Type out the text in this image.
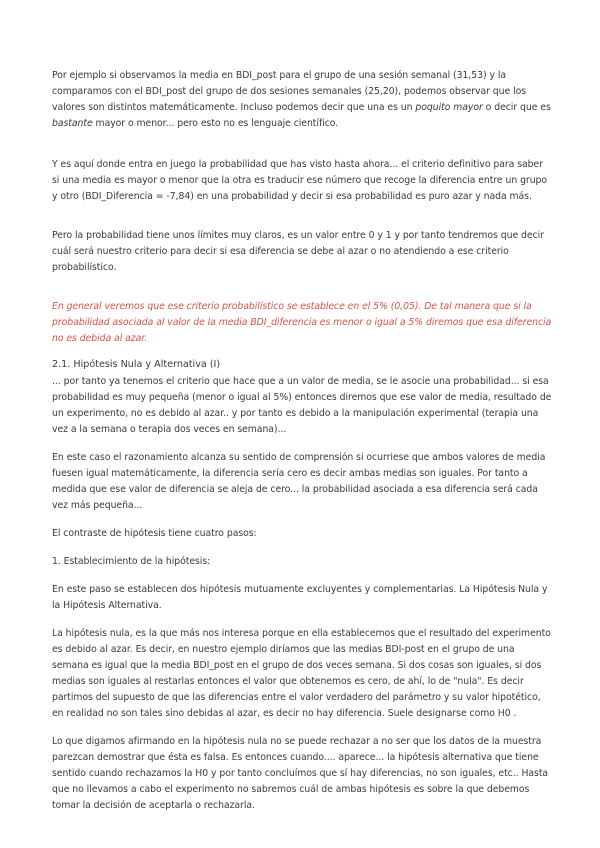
Por ejemplo si observamos la media en BDI_post para el grupo de una sesión semanal (31,53) y la comparamos con el BDI_post del grupo de dos sesiones semanales (25,20), podemos observar que los valores son distintos matemáticamente. Incluso podemos decir que una es un poquito mayor o decir que es bastante mayor o menor... pero esto no es lenguaje científico.

Y es aquí donde entra en juego la probabilidad que has visto hasta ahora... el criterio definitivo para saber si una media es mayor o menor que la otra es traducir ese número que recoge la diferencia entre un grupo y otro (BDI_Diferencia = -7,84) en una probabilidad y decir si esa probabilidad es puro azar y nada más.

Pero la probabilidad tiene unos límites muy claros, es un valor entre 0 y 1 y por tanto tendremos que decir cuál será nuestro criterio para decir si esa diferencia se debe al azar o no atendiendo a ese criterio probabilístico.

En general veremos que ese criterio probabilístico se establece en el 5% (0,05). De tal manera que si la probabilidad asociada al valor de la media BDI_diferencia es menor o igual a 5% diremos que esa diferencia no es debida al azar.

2.1. Hipótesis Nula y Alternativa (I)

... por tanto ya tenemos el criterio que hace que a un valor de media, se le asocie una probabilidad... si esa probabilidad es muy pequeña (menor o igual al 5%) entonces diremos que ese valor de media, resultado de un experimento, no es debido al azar.. y por tanto es debido a la manipulación experimental (terapia una vez a la semana o terapia dos veces en semana)...

En este caso el razonamiento alcanza su sentido de comprensión si ocurriese que ambos valores de media fuesen igual matemáticamente, la diferencia sería cero es decir ambas medias son iguales. Por tanto a medida que ese valor de diferencia se aleja de cero... la probabilidad asociada a esa diferencia será cada vez más pequeña...

El contraste de hipótesis tiene cuatro pasos:

1. Establecimiento de la hipótesis:

En este paso se establecen dos hipótesis mutuamente excluyentes y complementarias. La Hipótesis Nula y la Hipótesis Alternativa.

La hipótesis nula, es la que más nos interesa porque en ella establecemos que el resultado del experimento es debido al azar. Es decir, en nuestro ejemplo diríamos que las medias BDI-post en el grupo de una semana es igual que la media BDI_post en el grupo de dos veces semana. Si dos cosas son iguales, si dos medias son iguales al restarlas entonces el valor que obtenemos es cero, de ahí, lo de "nula". Es decir partimos del supuesto de que las diferencias entre el valor verdadero del parámetro y su valor hipotético, en realidad no son tales sino debidas al azar, es decir no hay diferencia. Suele designarse como H0 .

Lo que digamos afirmando en la hipótesis nula no se puede rechazar a no ser que los datos de la muestra parezcan demostrar que ésta es falsa. Es entonces cuando.... aparece... la hipótesis alternativa que tiene sentido cuando rechazamos la H0 y por tanto concluímos que sí hay diferencias, no son iguales, etc.. Hasta que no llevamos a cabo el experimento no sabremos cuál de ambas hipótesis es sobre la que debemos tomar la decisión de aceptarla o rechazarla.
